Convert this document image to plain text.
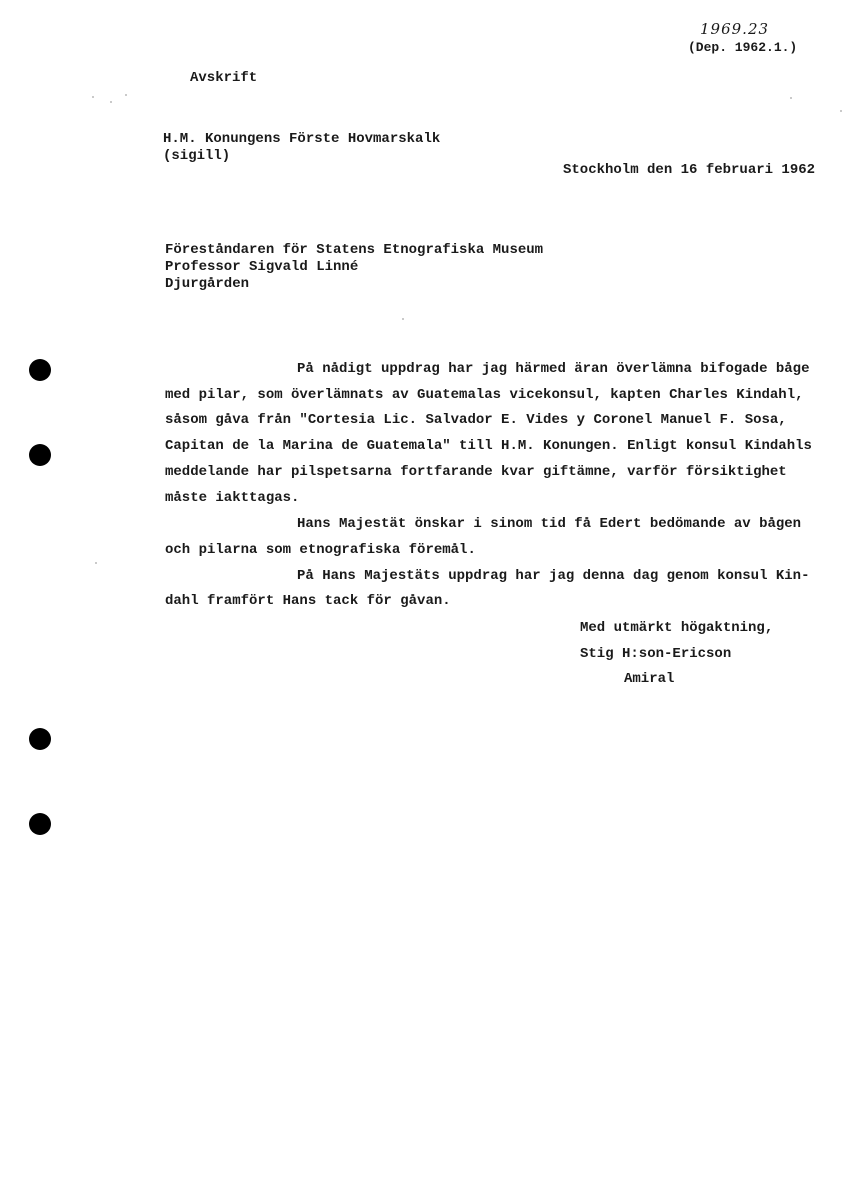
1969.23
(Dep. 1962.1.)
Avskrift
H.M. Konungens Förste Hovmarskalk
(sigill)
Stockholm den 16 februari 1962
Föreståndaren för Statens Etnografiska Museum
Professor Sigvald Linné
Djurgården
På nådigt uppdrag har jag härmed äran överlämna bifogade båge
med pilar, som överlämnats av Guatemalas vicekonsul, kapten Charles Kindahl,
såsom gåva från "Cortesia Lic. Salvador E. Vides y Coronel Manuel F. Sosa,
Capitan de la Marina de Guatemala" till H.M. Konungen. Enligt konsul Kindahls
meddelande har pilspetsarna fortfarande kvar giftämne, varför försiktighet
måste iakttagas.
Hans Majestät önskar i sinom tid få Edert bedömande av bågen
och pilarna som etnografiska föremål.
På Hans Majestäts uppdrag har jag denna dag genom konsul Kin-
dahl framfört Hans tack för gåvan.
Med utmärkt högaktning,
Stig H:son-Ericson
Amiral
